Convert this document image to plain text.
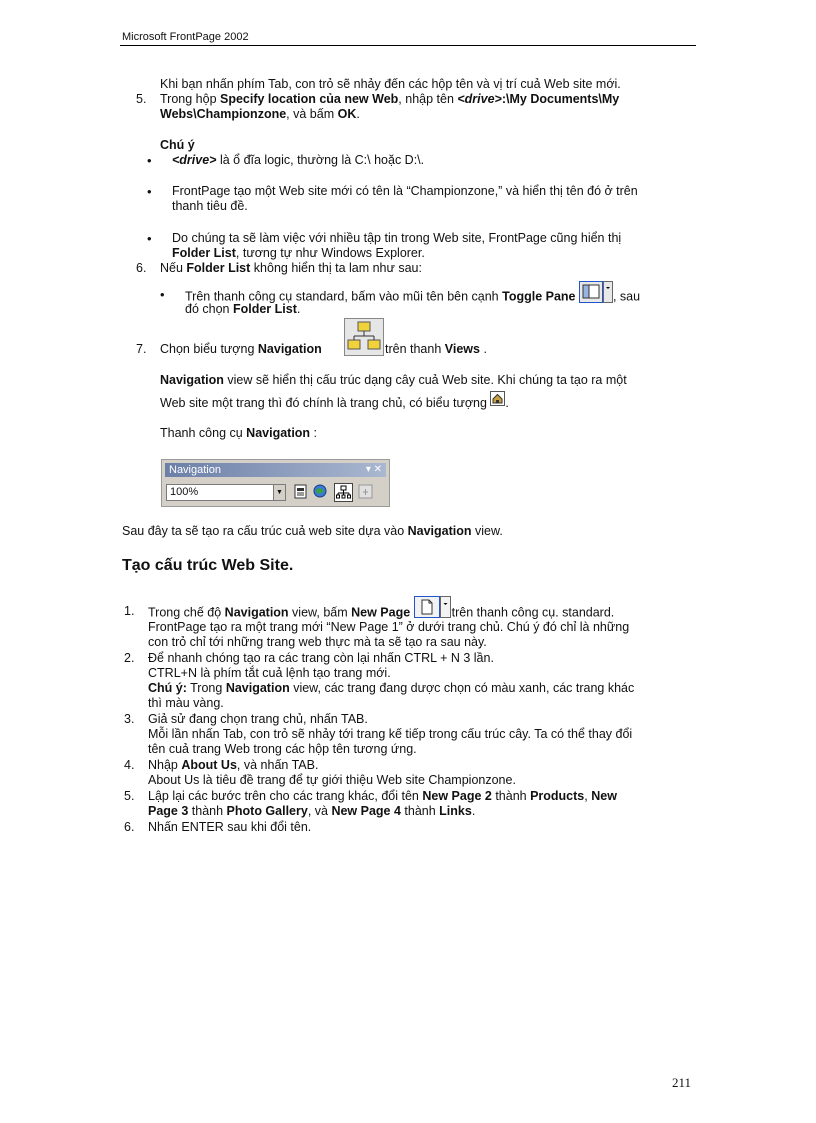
Microsoft FrontPage 2002
Khi bạn nhấn phím Tab, con trỏ sẽ nhảy đến các hộp tên và vị trí cuả Web site mới.
5. Trong hộp Specify location của new Web, nhập tên <drive>:\My Documents\My
Webs\Championzone, và bấm OK.
Chú ý
• <drive> là ổ đĩa logic, thường là C:\ hoặc D:\.
• FrontPage tạo một Web site mới có tên là “Championzone,” và hiển thị tên đó ở trên
thanh tiêu đề.
• Do chúng ta sẽ làm việc với nhiều tập tin trong Web site, FrontPage cũng hiển thị
Folder List, tương tự như Windows Explorer.
6. Nếu Folder List không hiển thị ta lam như sau:
• Trên thanh công cụ standard, bấm vào mũi tên bên cạnh Toggle Pane	, sau
đó chọn Folder List.
7. Chọn biểu tượng Navigation	trên thanh Views .
Navigation view sẽ hiển thị cấu trúc dạng cây cuả Web site. Khi chúng ta tạo ra một
Web site một trang thì đó chính là trang chủ, có biểu tượng .
Thanh công cụ Navigation :
Navigation	▾ ✕
100%	▼
Sau đây ta sẽ tạo ra cấu trúc cuả web site dựa vào Navigation view.
Tạo cấu trúc Web Site.
1. Trong chế độ Navigation view, bấm New Page	trên thanh công cụ. standard.
FrontPage tạo ra một trang mới “New Page 1” ở dưới trang chủ. Chú ý đó chỉ là những
con trỏ chỉ tới những trang web thực mà ta sẽ tạo ra sau này.
2. Để nhanh chóng tạo ra các trang còn lại nhấn CTRL + N 3 lần.
CTRL+N là phím tắt cuả lệnh tạo trang mới.
Chú ý: Trong Navigation view, các trang đang dược chọn có màu xanh, các trang khác
thì màu vàng.
3. Giả sử đang chọn trang chủ, nhấn TAB.
Mỗi lần nhấn Tab, con trỏ sẽ nhảy tới trang kế tiếp trong cấu trúc cây. Ta có thể thay đổi
tên cuả trang Web trong các hộp tên tương ứng.
4. Nhập About Us, và nhấn TAB.
About Us là tiêu đề trang để tự giới thiệu Web site Championzone.
5. Lập lại các bước trên cho các trang khác, đổi tên New Page 2 thành Products, New
Page 3 thành Photo Gallery, và New Page 4 thành Links.
6. Nhấn ENTER sau khi đổi tên.
211
